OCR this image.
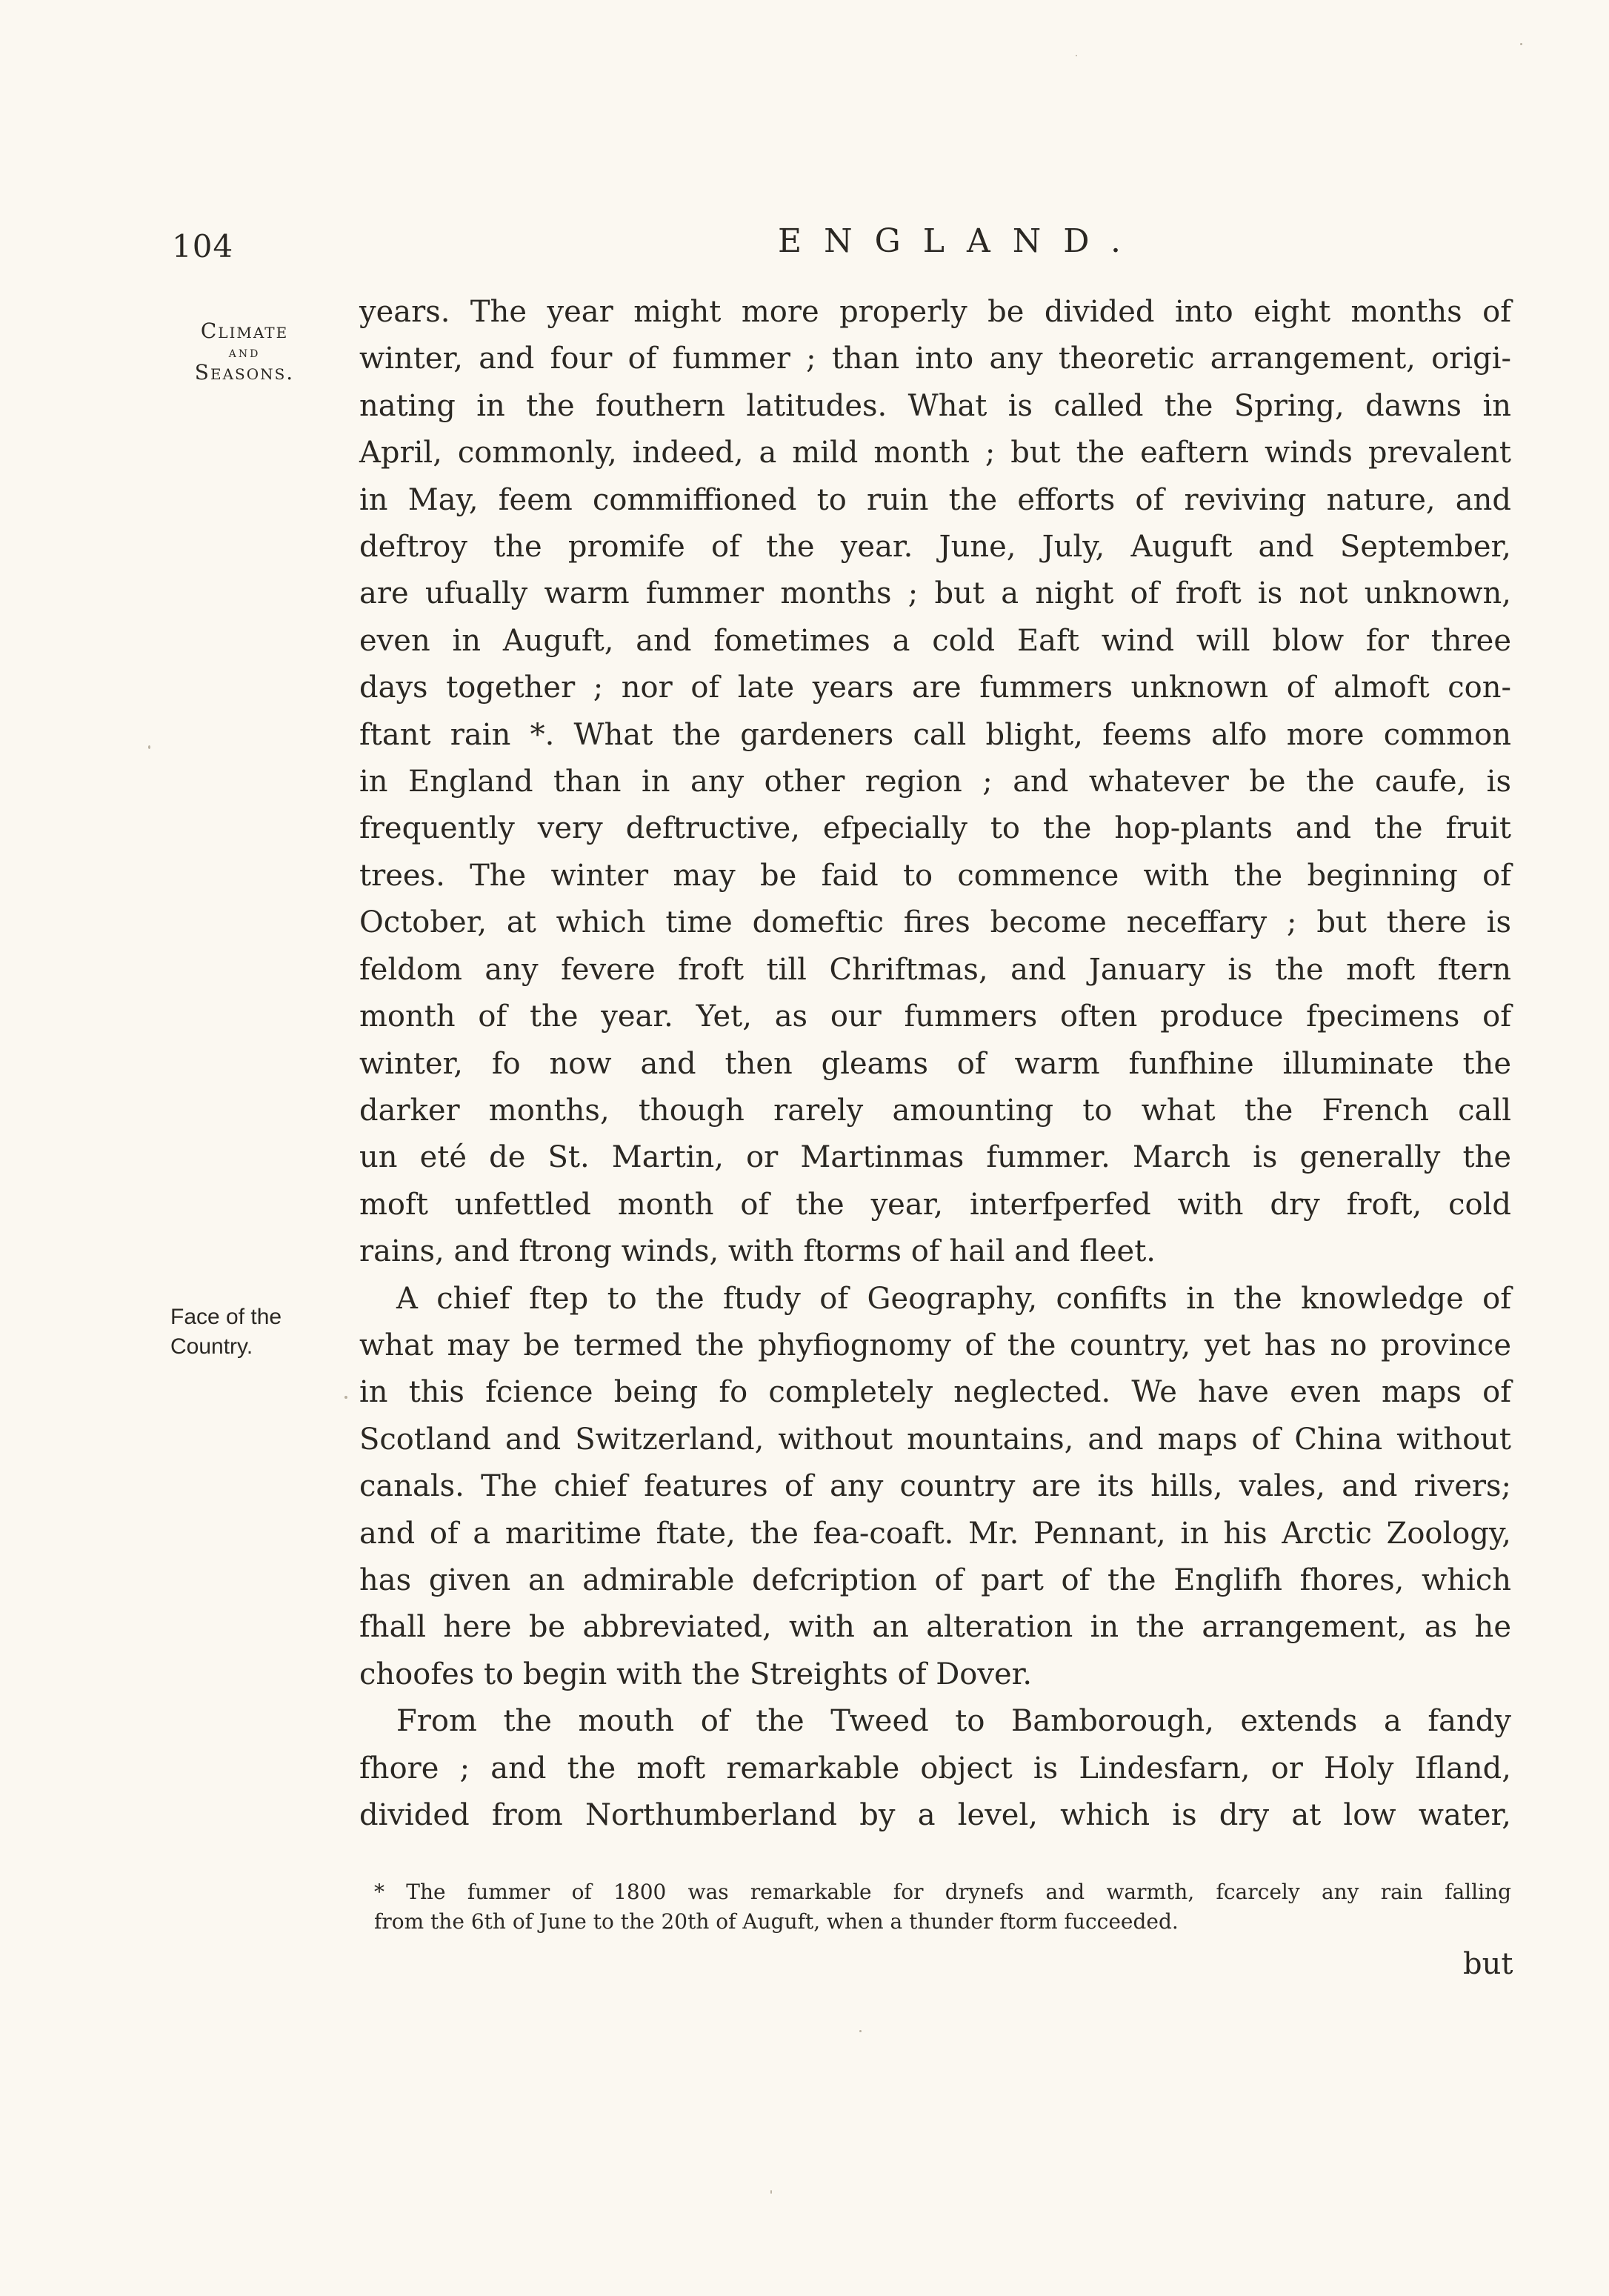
104	ENGLAND.
Climate
and
Seasons.
Face of the
Country.
years. The year might more properly be divided into eight months of
winter, and four of fummer ; than into any theoretic arrangement, origi-
nating in the fouthern latitudes. What is called the Spring, dawns in
April, commonly, indeed, a mild month ; but the eaftern winds prevalent
in May, feem commiffioned to ruin the efforts of reviving nature, and
deftroy the promife of the year. June, July, Auguft and September,
are ufually warm fummer months ; but a night of froft is not unknown,
even in Auguft, and fometimes a cold Eaft wind will blow for three
days together ; nor of late years are fummers unknown of almoft con-
ftant rain *. What the gardeners call blight, feems alfo more common
in England than in any other region ; and whatever be the caufe, is
frequently very deftructive, efpecially to the hop-plants and the fruit
trees. The winter may be faid to commence with the beginning of
October, at which time domeftic fires become neceffary ; but there is
feldom any fevere froft till Chriftmas, and January is the moft ftern
month of the year. Yet, as our fummers often produce fpecimens of
winter, fo now and then gleams of warm funfhine illuminate the
darker months, though rarely amounting to what the French call
un eté de St. Martin, or Martinmas fummer. March is generally the
moft unfettled month of the year, interfperfed with dry froft, cold
rains, and ftrong winds, with ftorms of hail and fleet.
A chief ftep to the ftudy of Geography, confifts in the knowledge of
what may be termed the phyfiognomy of the country, yet has no province
in this fcience being fo completely neglected. We have even maps of
Scotland and Switzerland, without mountains, and maps of China without
canals. The chief features of any country are its hills, vales, and rivers;
and of a maritime ftate, the fea-coaft. Mr. Pennant, in his Arctic Zoology,
has given an admirable defcription of part of the Englifh fhores, which
fhall here be abbreviated, with an alteration in the arrangement, as he
choofes to begin with the Streights of Dover.
From the mouth of the Tweed to Bamborough, extends a fandy
fhore ; and the moft remarkable object is Lindesfarn, or Holy Ifland,
divided from Northumberland by a level, which is dry at low water,
* The fummer of 1800 was remarkable for drynefs and warmth, fcarcely any rain falling
from the 6th of June to the 20th of Auguft, when a thunder ftorm fucceeded.
but
